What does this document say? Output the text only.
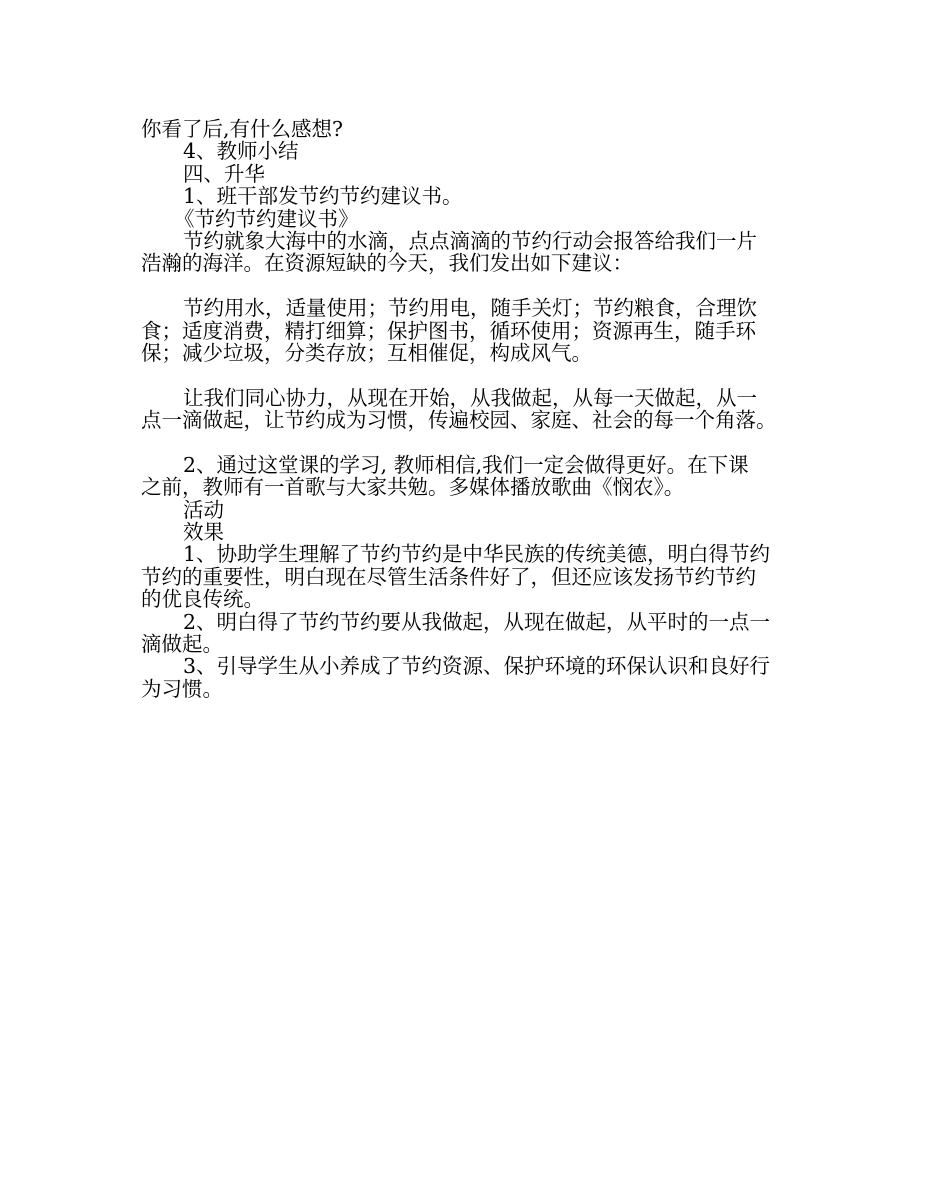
你看了后,有什么感想?

4、教师小结

四、升华

1、班干部发节约节约建议书。

《节约节约建议书》

节约就象大海中的水滴，点点滴滴的节约行动会报答给我们一片

浩瀚的海洋。在资源短缺的今天，我们发出如下建议：

节约用水，适量使用；节约用电，随手关灯；节约粮食，合理饮

食；适度消费，精打细算；保护图书，循环使用；资源再生，随手环

保；减少垃圾，分类存放；互相催促，构成风气。

让我们同心协力，从现在开始，从我做起，从每一天做起，从一

点一滴做起，让节约成为习惯，传遍校园、家庭、社会的每一个角落。

2、通过这堂课的学习, 教师相信,我们一定会做得更好。在下课

之前，教师有一首歌与大家共勉。多媒体播放歌曲《悯农》。

活动

效果

1、协助学生理解了节约节约是中华民族的传统美德，明白得节约

节约的重要性，明白现在尽管生活条件好了，但还应该发扬节约节约

的优良传统。

2、明白得了节约节约要从我做起，从现在做起，从平时的一点一

滴做起。

3、引导学生从小养成了节约资源、保护环境的环保认识和良好行

为习惯。
